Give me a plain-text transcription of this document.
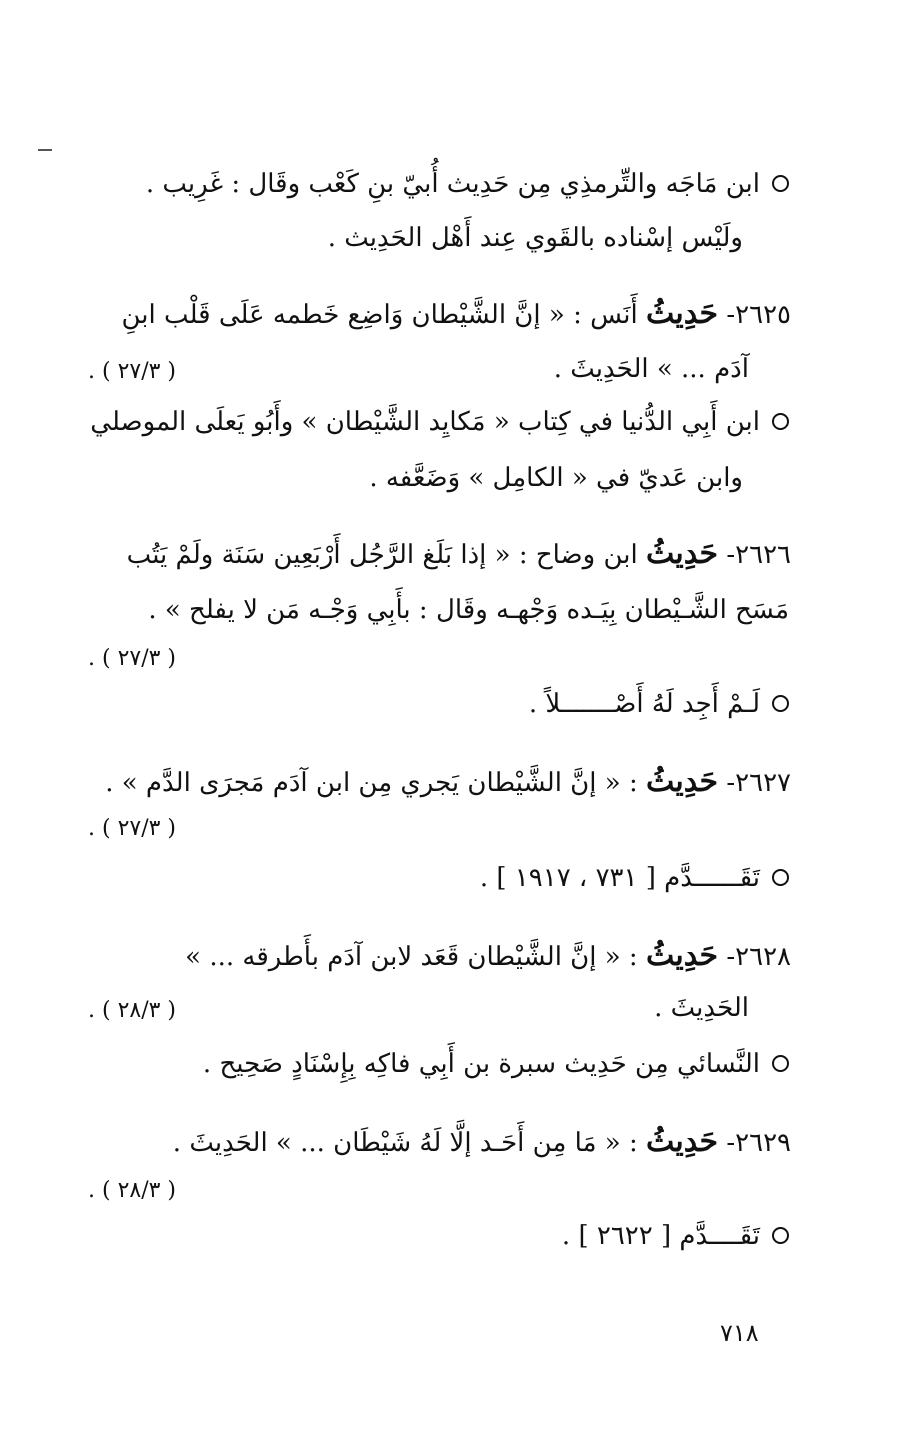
ابن مَاجَه والتِّرمذِي مِن حَدِيث أُبيّ بنِ كَعْب وقَال : غَرِيب .
ولَيْس إسْناده بالقَوي عِند أَهْل الحَدِيث .
٢٦٢٥- حَدِيثُ أَنَس : « إنَّ الشَّيْطان وَاضِع خَطمه عَلَى قَلْب ابنِ
آدَم ... » الحَدِيثَ .
( ٢٧/٣ ) .
ابن أَبِي الدُّنيا في كِتاب « مَكايِد الشَّيْطان » وأَبُو يَعلَى الموصلي
وابن عَديّ في « الكامِل » وَضَعَّفه .
٢٦٢٦- حَدِيثُ ابن وضاح : « إذا بَلَغ الرَّجُل أَرْبَعِين سَنَة ولَمْ يَتُب
مَسَح الشَّـيْطان بِيَـده وَجْهـه وقَال : بأَبِي وَجْـه مَن لا يفلح » .
( ٢٧/٣ ) .
لَـمْ أَجِد لَهُ أَصْـــــــلاً .
٢٦٢٧- حَدِيثُ : « إنَّ الشَّيْطان يَجري مِن ابن آدَم مَجرَى الدَّم » .
( ٢٧/٣ ) .
تَقَــــــدَّم [ ٧٣١ ، ١٩١٧ ] .
٢٦٢٨- حَدِيثُ : « إنَّ الشَّيْطان قَعَد لابن آدَم بأَطرقه ... »
الحَدِيثَ .
( ٢٨/٣ ) .
النَّسائي مِن حَدِيث سبرة بن أَبِي فاكِه بِإِسْنَادٍ صَحِيح .
٢٦٢٩- حَدِيثُ : « مَا مِن أَحَـد إلَّا لَهُ شَيْطَان ... » الحَدِيثَ .
( ٢٨/٣ ) .
تَقَــــدَّم [ ٢٦٢٢ ] .
٧١٨
